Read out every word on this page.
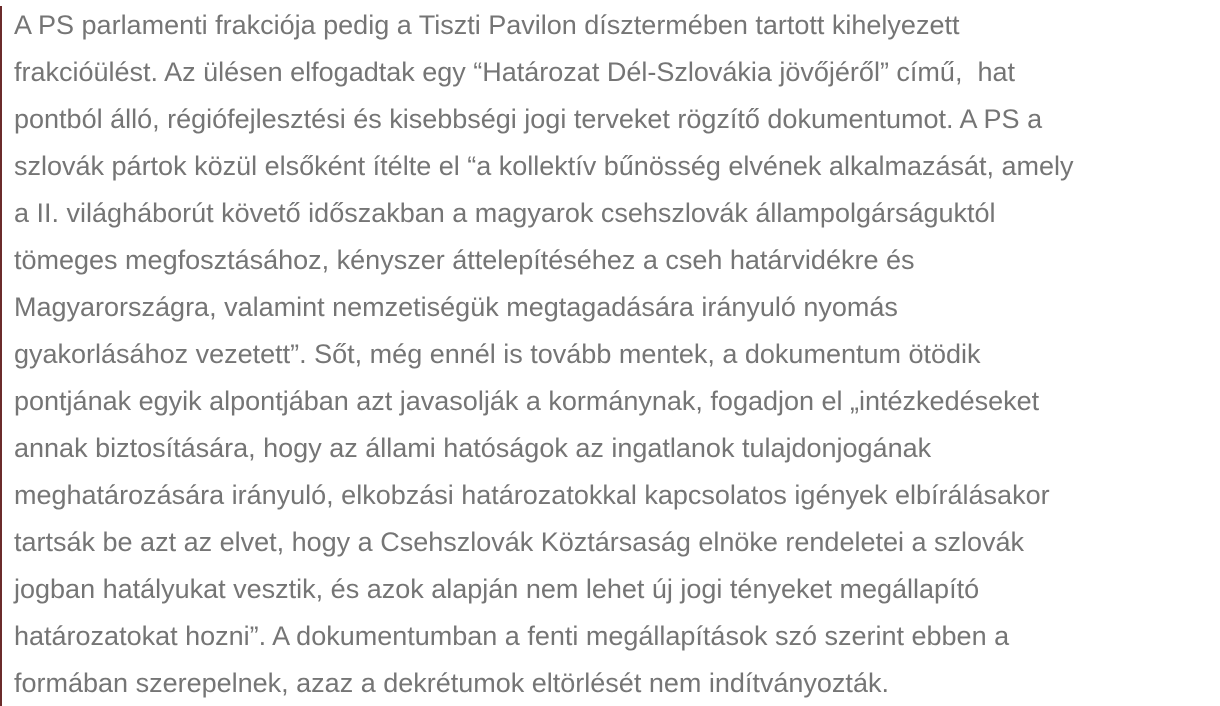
A PS parlamenti frakciója pedig a Tiszti Pavilon dísztermében tartott kihelyezett
frakcióülést. Az ülésen elfogadtak egy “Határozat Dél-Szlovákia jövőjéről” című,  hat
pontból álló, régiófejlesztési és kisebbségi jogi terveket rögzítő dokumentumot. A PS a
szlovák pártok közül elsőként ítélte el “a kollektív bűnösség elvének alkalmazását, amely
a II. világháborút követő időszakban a magyarok csehszlovák állampolgárságuktól
tömeges megfosztásához, kényszer áttelepítéséhez a cseh határvidékre és
Magyarországra, valamint nemzetiségük megtagadására irányuló nyomás
gyakorlásához vezetett”. Sőt, még ennél is tovább mentek, a dokumentum ötödik
pontjának egyik alpontjában azt javasolják a kormánynak, fogadjon el „intézkedéseket
annak biztosítására, hogy az állami hatóságok az ingatlanok tulajdonjogának
meghatározására irányuló, elkobzási határozatokkal kapcsolatos igények elbírálásakor
tartsák be azt az elvet, hogy a Csehszlovák Köztársaság elnöke rendeletei a szlovák
jogban hatályukat vesztik, és azok alapján nem lehet új jogi tényeket megállapító
határozatokat hozni”. A dokumentumban a fenti megállapítások szó szerint ebben a
formában szerepelnek, azaz a dekrétumok eltörlését nem indítványozták.
